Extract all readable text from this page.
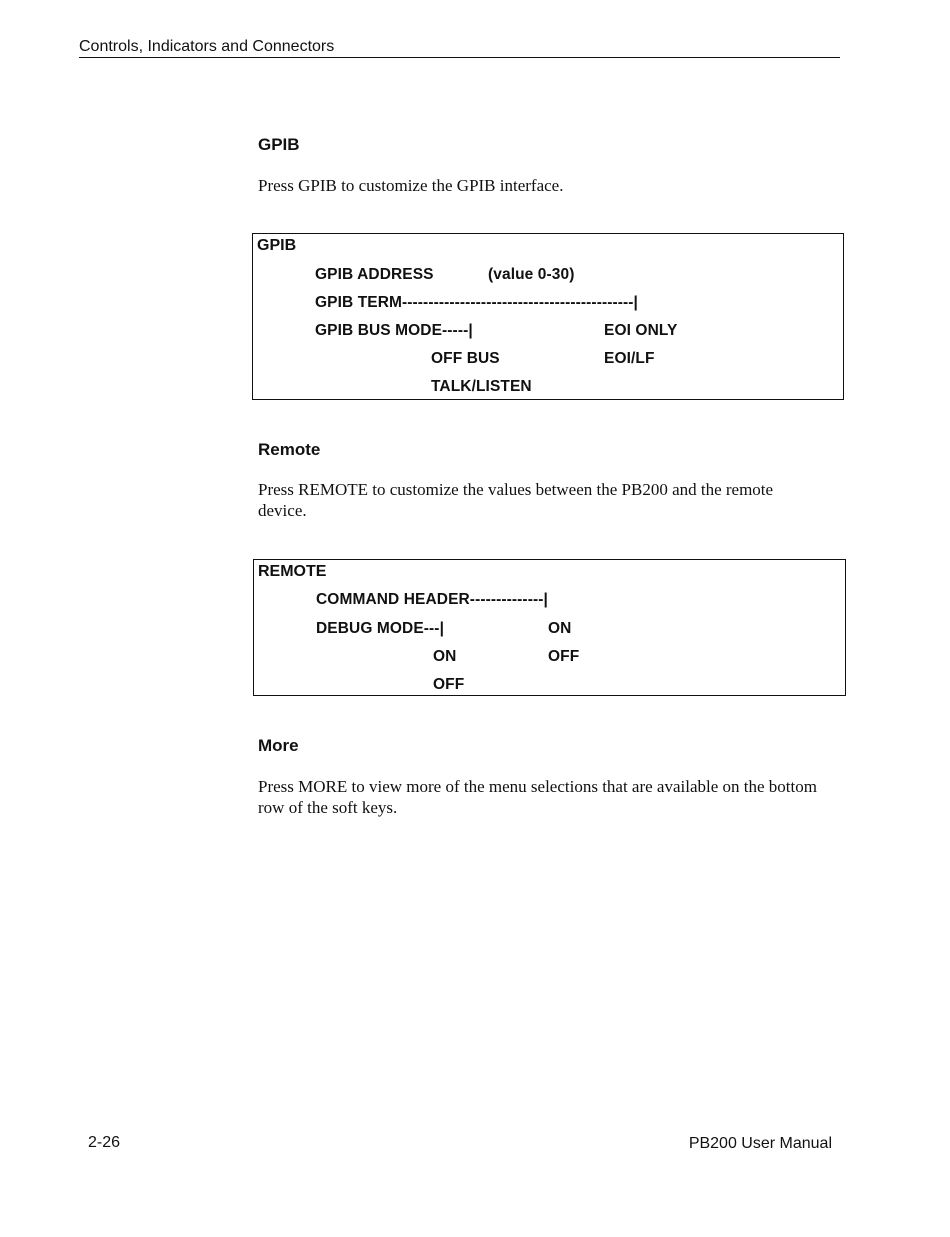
Controls, Indicators and Connectors
GPIB
Press GPIB to customize the GPIB interface.
GPIB
GPIB ADDRESS	(value 0-30)
GPIB TERM--------------------------------------------|
GPIB BUS MODE-----|	EOI ONLY
OFF BUS	EOI/LF
TALK/LISTEN
Remote
Press REMOTE to customize the values between the PB200 and the remote device.
REMOTE
COMMAND HEADER--------------|
DEBUG MODE---|	ON
ON	OFF
OFF
More
Press MORE to view more of the menu selections that are available on the bottom row of the soft keys.
2-26	PB200 User Manual
